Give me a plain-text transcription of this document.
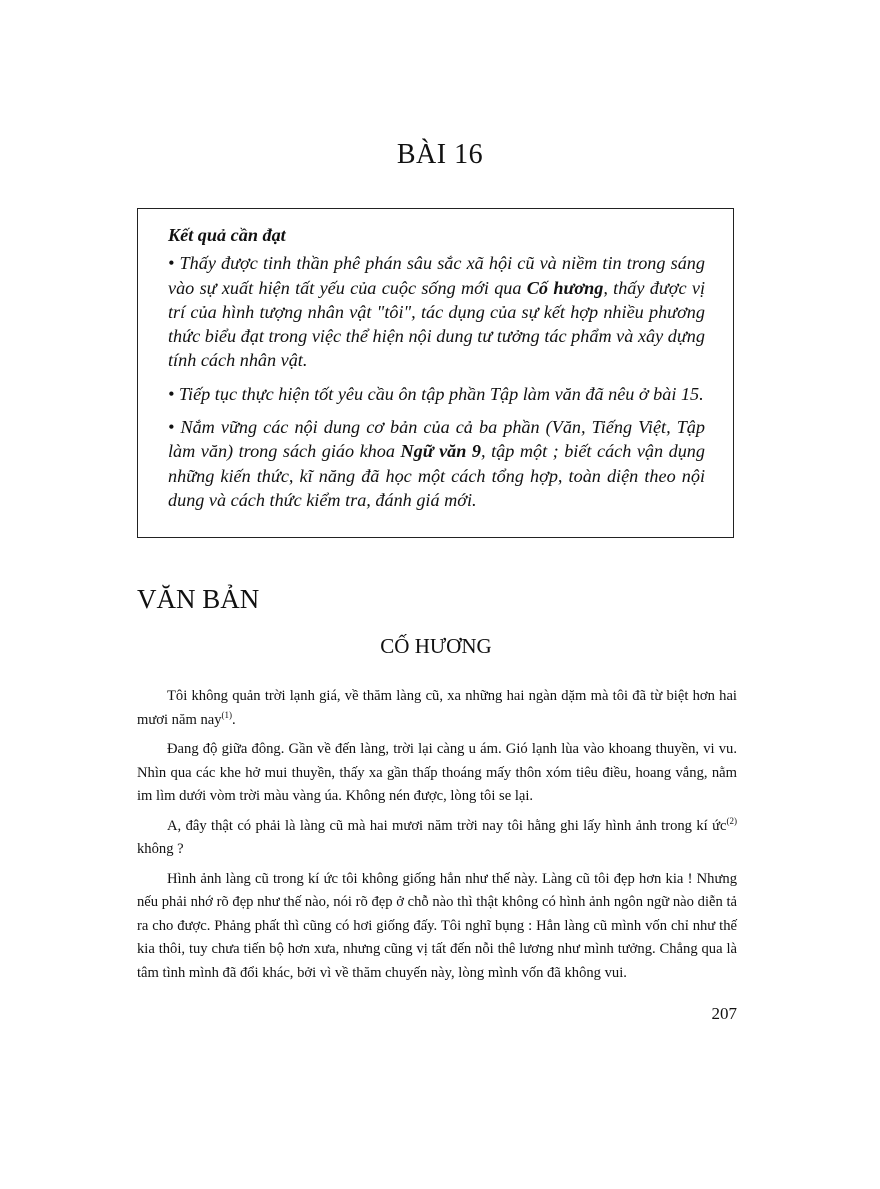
BÀI 16

Kết quả cần đạt

• Thấy được tinh thần phê phán sâu sắc xã hội cũ và niềm tin trong sáng vào sự xuất hiện tất yếu của cuộc sống mới qua Cố hương, thấy được vị trí của hình tượng nhân vật "tôi", tác dụng của sự kết hợp nhiều phương thức biểu đạt trong việc thể hiện nội dung tư tưởng tác phẩm và xây dựng tính cách nhân vật.

• Tiếp tục thực hiện tốt yêu cầu ôn tập phần Tập làm văn đã nêu ở bài 15.

• Nắm vững các nội dung cơ bản của cả ba phần (Văn, Tiếng Việt, Tập làm văn) trong sách giáo khoa Ngữ văn 9, tập một ; biết cách vận dụng những kiến thức, kĩ năng đã học một cách tổng hợp, toàn diện theo nội dung và cách thức kiểm tra, đánh giá mới.

VĂN BẢN
CỐ HƯƠNG

Tôi không quản trời lạnh giá, về thăm làng cũ, xa những hai ngàn dặm mà tôi đã từ biệt hơn hai mươi năm nay$^{(1)}$.

Đang độ giữa đông. Gần về đến làng, trời lại càng u ám. Gió lạnh lùa vào khoang thuyền, vi vu. Nhìn qua các khe hở mui thuyền, thấy xa gần thấp thoáng mấy thôn xóm tiêu điều, hoang vắng, nằm im lìm dưới vòm trời màu vàng úa. Không nén được, lòng tôi se lại.

A, đây thật có phải là làng cũ mà hai mươi năm trời nay tôi hằng ghi lấy hình ảnh trong kí ức$^{(2)}$ không ?

Hình ảnh làng cũ trong kí ức tôi không giống hẳn như thế này. Làng cũ tôi đẹp hơn kia ! Nhưng nếu phải nhớ rõ đẹp như thế nào, nói rõ đẹp ở chỗ nào thì thật không có hình ảnh ngôn ngữ nào diễn tả ra cho được. Phảng phất thì cũng có hơi giống đấy. Tôi nghĩ bụng : Hẳn làng cũ mình vốn chỉ như thế kia thôi, tuy chưa tiến bộ hơn xưa, nhưng cũng vị tất đến nỗi thê lương như mình tưởng. Chẳng qua là tâm tình mình đã đổi khác, bởi vì về thăm chuyến này, lòng mình vốn đã không vui.

207
